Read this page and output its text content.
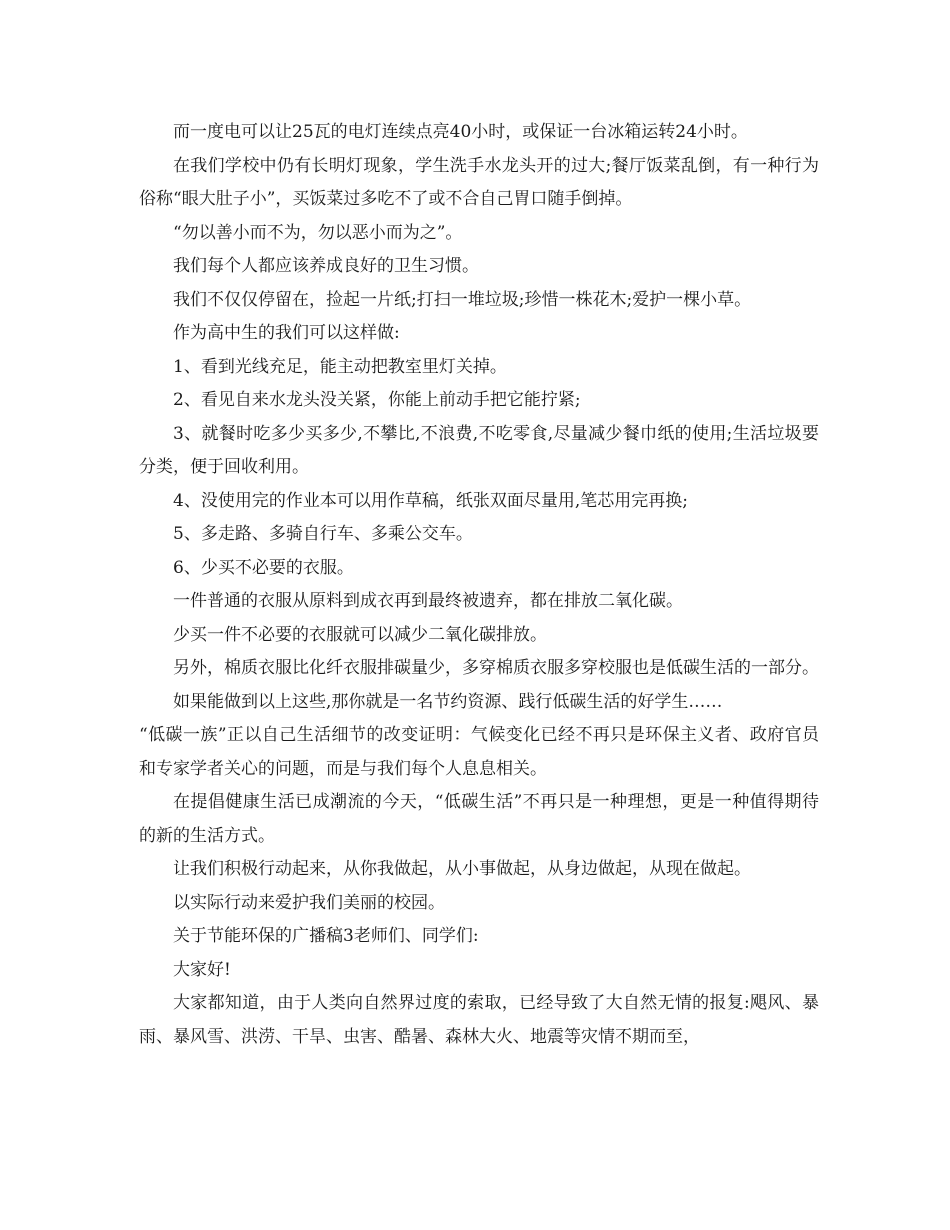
而一度电可以让25瓦的电灯连续点亮40小时，或保证一台冰箱运转24小时。

在我们学校中仍有长明灯现象，学生洗手水龙头开的过大;餐厅饭菜乱倒，有一种行为俗称“眼大肚子小”，买饭菜过多吃不了或不合自己胃口随手倒掉。

“勿以善小而不为，勿以恶小而为之”。

我们每个人都应该养成良好的卫生习惯。

我们不仅仅停留在，捡起一片纸;打扫一堆垃圾;珍惜一株花木;爱护一棵小草。

作为高中生的我们可以这样做:

1、看到光线充足，能主动把教室里灯关掉。

2、看见自来水龙头没关紧，你能上前动手把它能拧紧;

3、就餐时吃多少买多少,不攀比,不浪费,不吃零食,尽量减少餐巾纸的使用;生活垃圾要分类，便于回收利用。

4、没使用完的作业本可以用作草稿，纸张双面尽量用,笔芯用完再换;

5、多走路、多骑自行车、多乘公交车。

6、少买不必要的衣服。

一件普通的衣服从原料到成衣再到最终被遗弃，都在排放二氧化碳。

少买一件不必要的衣服就可以减少二氧化碳排放。

另外，棉质衣服比化纤衣服排碳量少，多穿棉质衣服多穿校服也是低碳生活的一部分。

如果能做到以上这些,那你就是一名节约资源、践行低碳生活的好学生……

“低碳一族”正以自己生活细节的改变证明：气候变化已经不再只是环保主义者、政府官员和专家学者关心的问题，而是与我们每个人息息相关。

在提倡健康生活已成潮流的今天，“低碳生活”不再只是一种理想，更是一种值得期待的新的生活方式。

让我们积极行动起来，从你我做起，从小事做起，从身边做起，从现在做起。

以实际行动来爱护我们美丽的校园。

关于节能环保的广播稿3老师们、同学们:

大家好!

大家都知道，由于人类向自然界过度的索取，已经导致了大自然无情的报复:飓风、暴雨、暴风雪、洪涝、干旱、虫害、酷暑、森林大火、地震等灾情不期而至，
